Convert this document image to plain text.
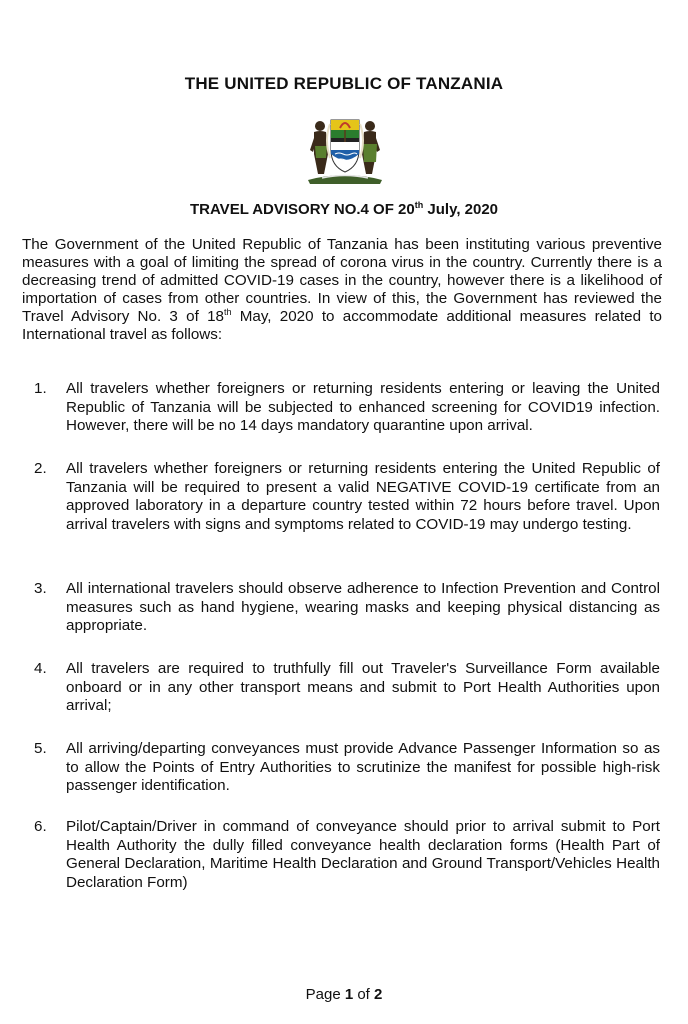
THE UNITED REPUBLIC OF TANZANIA
TRAVEL ADVISORY NO.4 OF 20th July, 2020

The Government of the United Republic of Tanzania has been instituting various preventive measures with a goal of limiting the spread of corona virus in the country. Currently there is a decreasing trend of admitted COVID-19 cases in the country, however there is a likelihood of importation of cases from other countries. In view of this, the Government has reviewed the Travel Advisory No. 3 of 18th May, 2020 to accommodate additional measures related to International travel as follows:

1.	All travelers whether foreigners or returning residents entering or leaving the United Republic of Tanzania will be subjected to enhanced screening for COVID19 infection. However, there will be no 14 days mandatory quarantine upon arrival.
2.	All travelers whether foreigners or returning residents entering the United Republic of Tanzania will be required to present a valid NEGATIVE COVID-19 certificate from an approved laboratory in a departure country tested within 72 hours before travel. Upon arrival travelers with signs and symptoms related to COVID-19 may undergo testing.
3.	All international travelers should observe adherence to Infection Prevention and Control measures such as hand hygiene, wearing masks and keeping physical distancing as appropriate.
4.	All travelers are required to truthfully fill out Traveler's Surveillance Form available onboard or in any other transport means and submit to Port Health Authorities upon arrival;
5.	All arriving/departing conveyances must provide Advance Passenger Information so as to allow the Points of Entry Authorities to scrutinize the manifest for possible high-risk passenger identification.
6.	Pilot/Captain/Driver in command of conveyance should prior to arrival submit to Port Health Authority the dully filled conveyance health declaration forms (Health Part of General Declaration, Maritime Health Declaration and Ground Transport/Vehicles Health Declaration Form)
Page 1 of 2
